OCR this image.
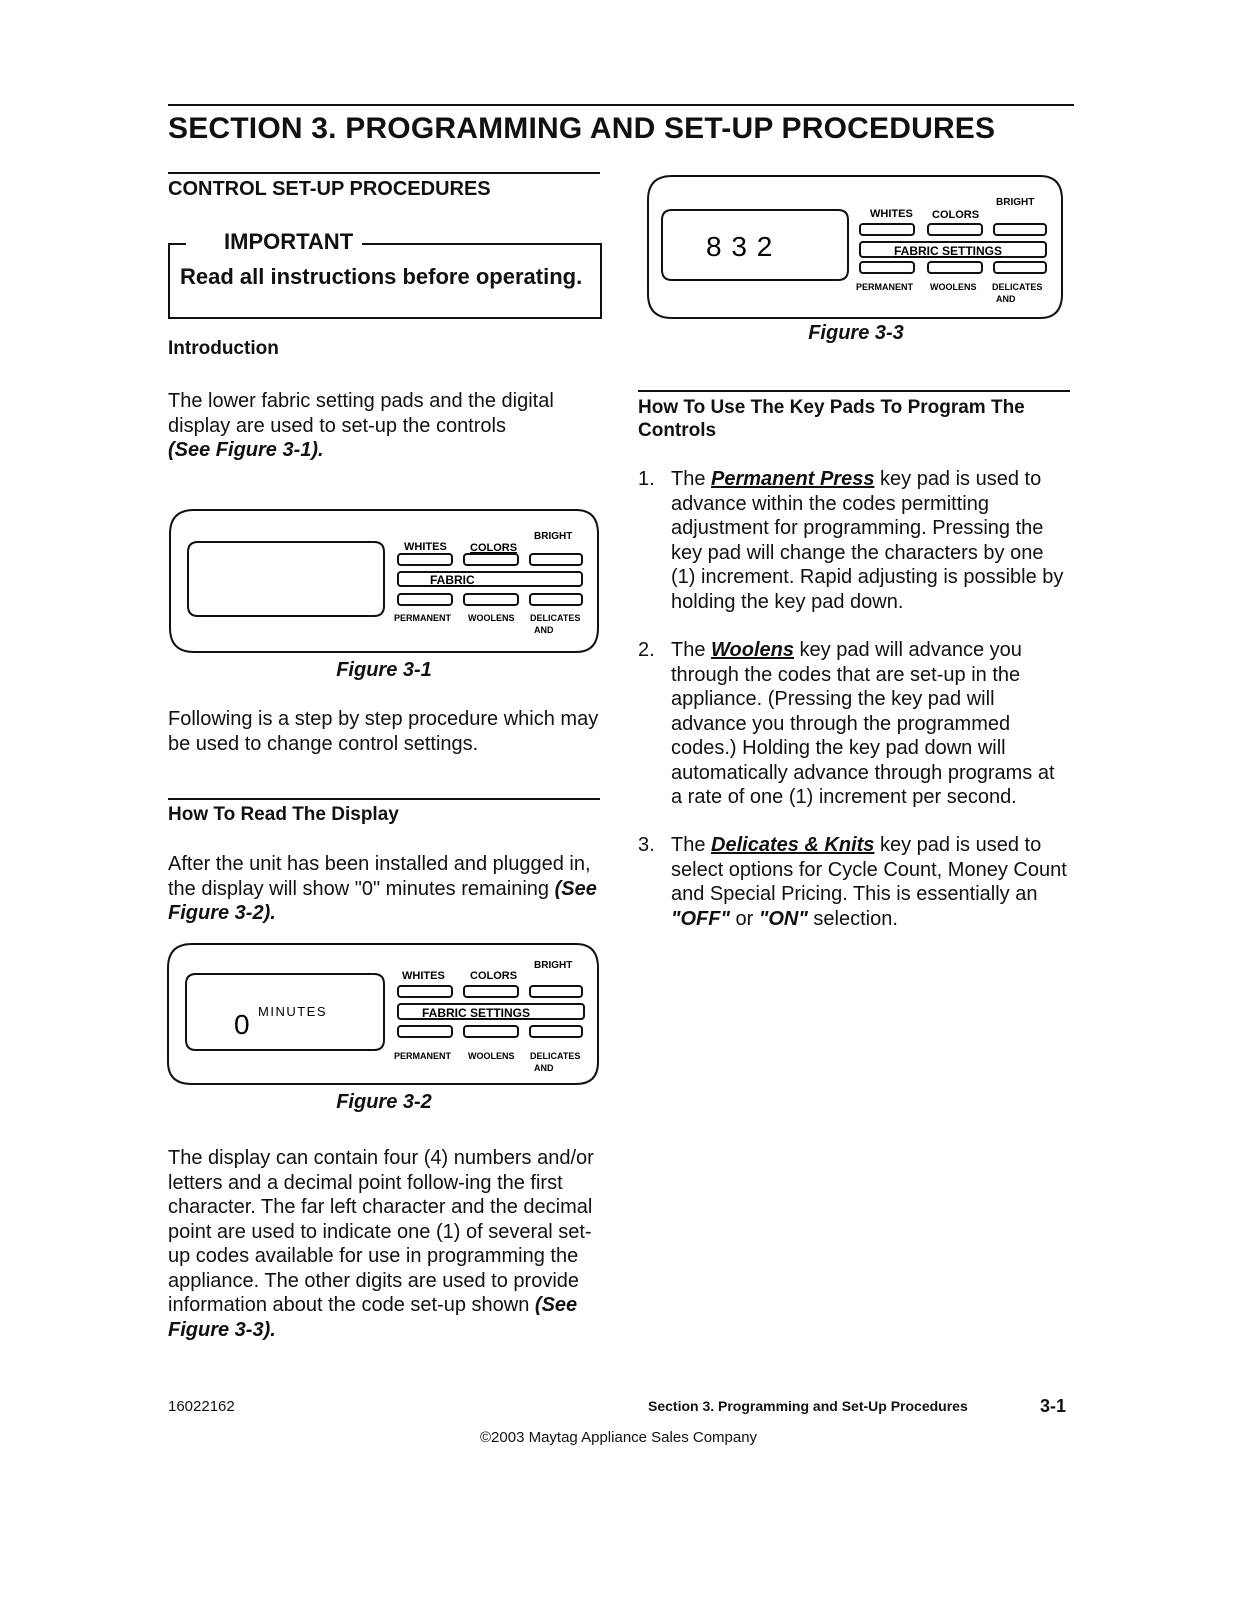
SECTION 3. PROGRAMMING AND SET-UP PROCEDURES
CONTROL SET-UP PROCEDURES
IMPORTANT
Read all instructions before operating.
Introduction
The lower fabric setting pads and the digital display are used to set-up the controls
(See Figure 3-1).
WHITES COLORS
BRIGHT
FABRIC
PERMANENT WOOLENS DELICATES
AND
Figure 3-1
Following is a step by step procedure which may be used to change control settings.
How To Read The Display
After the unit has been installed and plugged in, the display will show "0" minutes remaining (See Figure 3-2).
0 MINUTES
WHITES COLORS
BRIGHT
FABRIC SETTINGS
PERMANENT WOOLENS DELICATES
AND
Figure 3-2
The display can contain four (4) numbers and/or letters and a decimal point follow-ing the first character. The far left character and the decimal point are used to indicate one (1) of several set-up codes available for use in programming the appliance. The other digits are used to provide information about the code set-up shown (See Figure 3-3).
8 3 2
WHITES COLORS
BRIGHT
FABRIC SETTINGS
PERMANENT WOOLENS DELICATES
AND
Figure 3-3
How To Use The Key Pads To Program The Controls
1. The Permanent Press key pad is used to advance within the codes permitting adjustment for programming. Pressing the key pad will change the characters by one (1) increment. Rapid adjusting is possible by holding the key pad down.
2. The Woolens key pad will advance you through the codes that are set-up in the appliance. (Pressing the key pad will advance you through the programmed codes.) Holding the key pad down will automatically advance through programs at a rate of one (1) increment per second.
3. The Delicates & Knits key pad is used to select options for Cycle Count, Money Count and Special Pricing. This is essentially an "OFF" or "ON" selection.
16022162	Section 3. Programming and Set-Up Procedures	3-1
©2003 Maytag Appliance Sales Company
